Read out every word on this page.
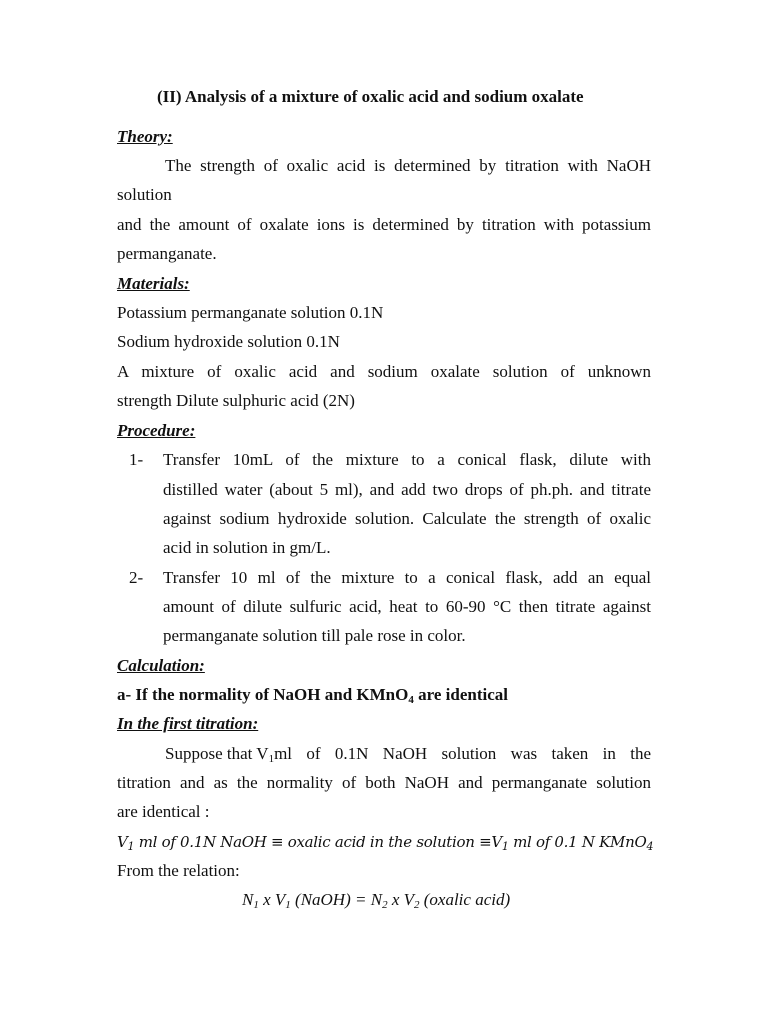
(II) Analysis of a mixture of oxalic acid and sodium oxalate
Theory:
The strength of oxalic acid is determined by titration with NaOH
solution
and the amount of oxalate ions is determined by titration with potassium
permanganate.
Materials:
Potassium permanganate solution 0.1N
Sodium hydroxide solution 0.1N
A mixture of oxalic acid and sodium oxalate solution of unknown
strength Dilute sulphuric acid (2N)
Procedure:
1- Transfer 10mL of the mixture to a conical flask, dilute with
distilled water (about 5 ml), and add two drops of ph.ph. and titrate
against sodium hydroxide solution. Calculate the strength of oxalic
acid in solution in gm/L.
2- Transfer 10 ml of the mixture to a conical flask, add an equal
amount of dilute sulfuric acid, heat to 60-90 °C then titrate against
permanganate solution till pale rose in color.
Calculation:
a- If the normality of NaOH and KMnO$_4$ are identical
In the first titration:
Suppose that $V_1$ ml of 0.1N NaOH solution was taken in the
titration and as the normality of both NaOH and permanganate solution
are identical :
$V_1$ ml of 0.1N NaOH ≡ oxalic acid in the solution $\equiv V_1$ ml of 0.1 N KMnO$_4$
From the relation:
$N_1$ x $V_1$ (NaOH) = $N_2$ x $V_2$ (oxalic acid)
